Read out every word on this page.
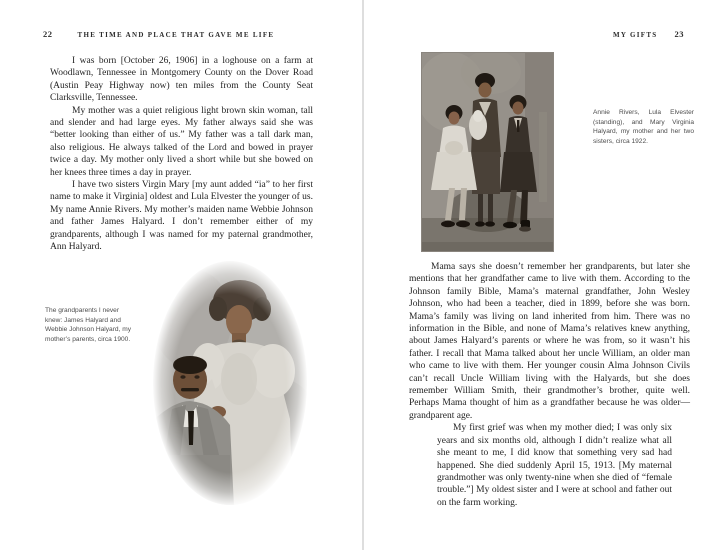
22	THE TIME AND PLACE THAT GAVE ME LIFE	MY GIFTS 23

I was born [October 26, 1906] in a loghouse on a farm at Woodlawn, Tennessee in Montgomery County on the Dover Road (Austin Peay Highway now) ten miles from the County Seat Clarksville, Tennessee.

My mother was a quiet religious light brown skin woman, tall and slender and had large eyes. My father always said she was “better looking than either of us.” My father was a tall dark man, also religious. He always talked of the Lord and bowed in prayer twice a day. My mother only lived a short while but she bowed on her knees three times a day in prayer.

I have two sisters Virgin Mary [my aunt added “ia” to her first name to make it Virginia] oldest and Lula Elvester the younger of us. My name Annie Rivers. My mother’s maiden name Webbie Johnson and father James Halyard. I don’t remember either of my grandparents, although I was named for my paternal grandmother, Ann Halyard.

The grandparents I never knew: James Halyard and Webbie Johnson Halyard, my mother’s parents, circa 1900.
Annie Rivers, Lula Elvester (standing), and Mary Virginia Halyard, my mother and her two sisters, circa 1922.

Mama says she doesn’t remember her grandparents, but later she mentions that her grandfather came to live with them. According to the Johnson family Bible, Mama’s maternal grandfather, John Wesley Johnson, who had been a teacher, died in 1899, before she was born. Mama’s family was living on land inherited from him. There was no information in the Bible, and none of Mama’s relatives knew anything, about James Halyard’s parents or where he was from, so it wasn’t his father. I recall that Mama talked about her uncle William, an older man who came to live with them. Her younger cousin Alma Johnson Civils can’t recall Uncle William living with the Halyards, but she does remember William Smith, their grandmother’s brother, quite well. Perhaps Mama thought of him as a grandfather because he was older—grandparent age.

My first grief was when my mother died; I was only six years and six months old, although I didn’t realize what all she meant to me, I did know that something very sad had happened. She died suddenly April 15, 1913. [My maternal grandmother was only twenty-nine when she died of “female trouble.”] My oldest sister and I were at school and father out on the farm working.
